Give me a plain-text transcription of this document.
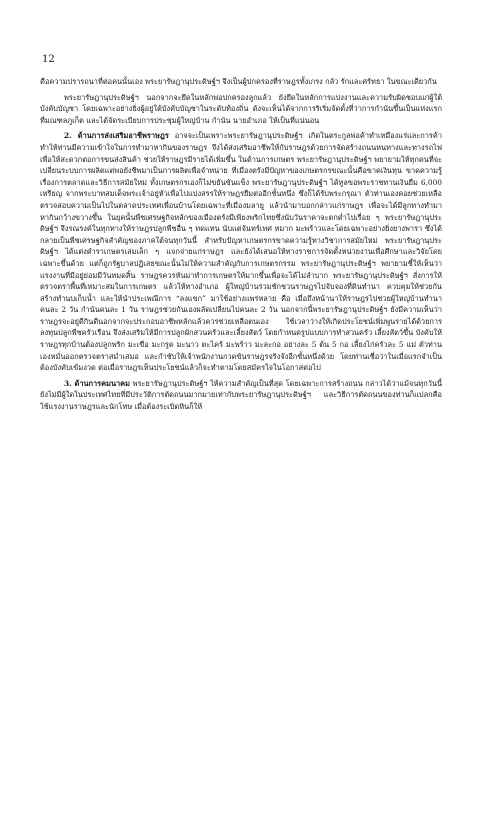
12

คือความปรารถนาที่ต่อคนนั้นเอง พระยารัษฎานุประดิษฐ์ฯ จึงเป็นผู้ปกครองที่ราษฎรทั้งเกรง กลัว รักและศรัทธา ในขณะเดียวกัน

พระยารัษฎานุประดิษฐ์ฯ นอกจากจะยึดในหลักพ่อปกครองลูกแล้ว ยังยึดในหลักการแบ่งงานและความรับผิดชอบแก่ผู้ใต้บังคับบัญชา โดยเฉพาะอย่างยิ่งผู้อยู่ใต้บังคับบัญชาในระดับท้องถิ่น ดังจะเห็นได้จากการริเริ่มจัดตั้งที่ว่าการกำนันขึ้นเป็นแห่งแรกที่มณฑลภูเก็ต และได้จัดระเบียบการประชุมผู้ใหญ่บ้าน กำนัน นายอำเภอ ให้เป็นที่แน่นอน

2. ด้านการส่งเสริมอาชีพราษฎร อาจจะเป็นเพราะพระยารัษฎานุประดิษฐ์ฯ เกิดในตระกูลพ่อค้าทำเหมืองแร่และการค้า ทำให้ท่านมีความเข้าใจในการทำมาหากินของราษฎร จึงได้ส่งเสริมอาชีพให้กับราษฎรด้วยการจัดสร้างถนนหนทางและทางรถไฟเพื่อให้สะดวกต่อการขนส่งสินค้า ช่วยให้ราษฎรมีรายได้เพิ่มขึ้น ในด้านการเกษตร พระยารัษฎานุประดิษฐ์ฯ พยายามให้ทุกคนที่จะเปลี่ยนระบบการผลิตแต่พอยังชีพมาเป็นการผลิตเพื่อจำหน่าย ที่เมืองตรังมีปัญหาของเกษตรกรขณะนั้นคือขาดเงินทุน ขาดความรู้เรื่องการตลาดและวิธีการสมัยใหม่ ทั้งเกษตรกรเองก็ไม่ขยันขันแข็ง พระยารัษฎานุประดิษฐ์ฯ ได้ทูลขอพระราชทานเงินยืม 6,000 เหรียญ จากพระบาทสมเด็จพระเจ้าอยู่หัวเพื่อไปแบ่งสรรให้ราษฎรยืมต่ออีกชั้นหนึ่ง ซึ่งก็ได้รับพระกรุณา ตัวท่านเองคอยช่วยเหลือตรวจสอบความเป็นไปในตลาดประเทศเพื่อนบ้านโดยเฉพาะที่เมืองมลายู แล้วนำมาบอกกล่าวแก่ราษฎร เพื่อจะได้มีลูกทางทำมาหากินกว้างขวางขึ้น ในยุคนั้นพืชเศรษฐกิจหลักของเมืองตรังมีเพียงพริกไทยซึ่งนับวันราคาจะตกต่ำไปเรื่อย ๆ พระยารัษฎานุประดิษฐ์ฯ จึงรณรงค์ในทุกทางให้ราษฎรปลูกพืชอื่น ๆ ทดแทน นับแต่จันทร์เทศ หมาก มะพร้าวและโดยเฉพาะอย่างยิ่งยางพารา ซึ่งได้กลายเป็นพืชเศรษฐกิจสำคัญของภาคใต้จนทุกวันนี้ สำหรับปัญหาเกษตรกรขาดความรู้ทางวิชาการสมัยใหม่ พระยารัษฎานุประดิษฐ์ฯ ได้แต่งตำราเกษตรเล่มเล็ก ๆ แจกจ่ายแก่ราษฎร และยังได้เสนอให้ทางราชการจัดตั้งหน่วยงานเพื่อศึกษาและวิจัยโดยเฉพาะขึ้นด้วย แต่ก็ถูกรัฐบาลปฏิเสธขณะนั้นไม่ให้ความสำคัญกับการเกษตรกรรม พระยารัษฎานุประดิษฐ์ฯ พยายามชี้ให้เห็นว่า แรงงานที่มีอยู่ย่อมมีวันหมดสิ้น ราษฎรควรหันมาทำการเกษตรให้มากขึ้นเพื่อจะได้ไม่ลำบาก พระยารัษฎานุประดิษฐ์ฯ สั่งการให้ตรวจตราพื้นที่เหมาะสมในการเกษตร แล้วให้ทางอำเภอ ผู้ใหญ่บ้านร่วมชักชวนราษฎรไปจับจองที่ดินทำนา ควบคุมให้ช่วยกันสร้างทำนบเก็บน้ำ และให้นำประเพณีการ “ลงแขก” มาใช้อย่างแพร่หลาย คือ เมื่อถึงหน้านาให้ราษฎรไปช่วยผู้ใหญ่บ้านทำนาคนละ 2 วัน กำนันคนละ 1 วัน ราษฎรช่วยกันเองผลัดเปลี่ยนไปคนละ 2 วัน นอกจากนี้พระยารัษฎานุประดิษฐ์ฯ ยังมีความเห็นว่าราษฎรจะอยู่ดีกินดีนอกจากจะประกอบอาชีพหลักแล้วควรช่วยเหลือตนเอง ใช้เวลาว่างให้เกิดประโยชน์เพิ่มพูนรายได้ด้วยการลงทุนปลูกพืชครัวเรือน จึงส่งเสริมให้มีการปลูกผักสวนครัวและเลี้ยงสัตว์ โดยกำหนดรูปแบบการทำสวนครัว เลี้ยงสัตว์ขึ้น บังคับให้ราษฎรทุกบ้านต้องปลูกพริก มะเขือ มะกรูด มะนาว ตะไคร้ มะพร้าว มะละกอ อย่างละ 5 ต้น 5 กอ เลี้ยงไก่ครัวละ 5 แม่ ตัวท่านเองหมั่นออกตรวจตราสม่ำเสมอ และกำชับให้เจ้าพนักงานกวดขันราษฎรจริงจังอีกชั้นหนึ่งด้วย โดยท่านเชื่อว่าในเมื่อแรกจำเป็นต้องบังคับเข้มงวด ต่อเมื่อราษฎรเห็นประโยชน์แล้วก็จะทำตามโดยสมัครใจในโอกาสต่อไป

3. ด้านการคมนาคม พระยารัษฎานุประดิษฐ์ฯ ให้ความสำคัญเป็นที่สุด โดยเฉพาะการสร้างถนน กล่าวได้ว่าแม้จนทุกวันนี้ยังไม่มีผู้ใดในประเทศไทยที่มีประวัติการตัดถนนมากมายเท่ากับพระยารัษฎานุประดิษฐ์ฯ และวิธีการตัดถนนของท่านก็แปลกคือ ใช้แรงงานราษฎรและนักโทษ เมื่อต้องระเบิดหินก็ให้
